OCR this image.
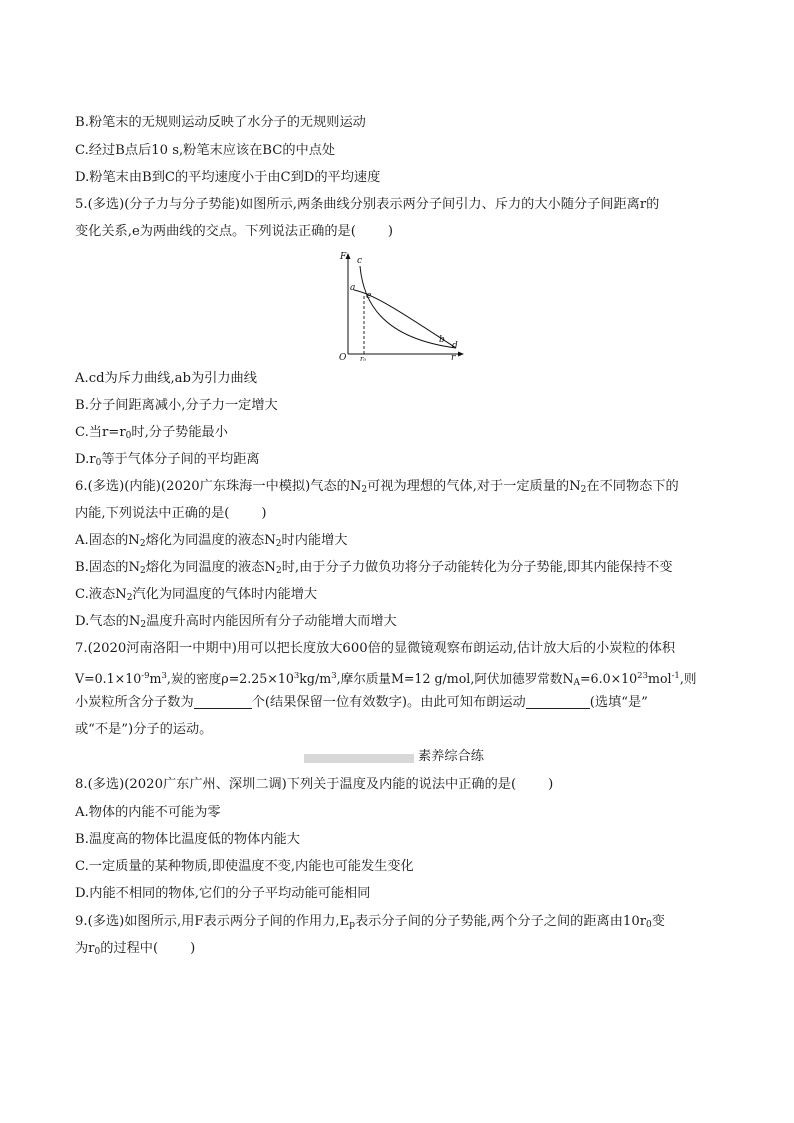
B.粉笔末的无规则运动反映了水分子的无规则运动
C.经过B点后10 s,粉笔末应该在BC的中点处
D.粉笔末由B到C的平均速度小于由C到D的平均速度
5.(多选)(分子力与分子势能)如图所示,两条曲线分别表示两分子间引力、斥力的大小随分子间距离r的
变化关系,e为两曲线的交点。下列说法正确的是( )
F c
a
e
b
d
O r₀	r
A.cd为斥力曲线,ab为引力曲线
B.分子间距离减小,分子力一定增大
C.当$r=r_0$时,分子势能最小
$D.r_0$等于气体分子间的平均距离
6.(多选)(内能)(2020广东珠海一中模拟)气态的$N_2$可视为理想的气体,对于一定质量的$N_2$在不同物态下的
内能,下列说法中正确的是( )
A.固态的$N_2$熔化为同温度的液态$N_2$时内能增大
B.固态的$N_2$熔化为同温度的液态$N_2$时,由于分子力做负功将分子动能转化为分子势能,即其内能保持不变
C.液态$N_2$汽化为同温度的气体时内能增大
D.气态的$N_2$温度升高时内能因所有分子动能增大而增大
7.(2020河南洛阳一中期中)用可以把长度放大600倍的显微镜观察布朗运动,估计放大后的小炭粒的体积
$V=0.1\times 10^{-9}m^3$,炭的密度$\rho=2.25\times 10^3kg/m^3$,摩尔质量M=12 g/mol,阿伏加德罗常数$N_A=6.0\times 10^{23}mol^{-1}$,则
小炭粒所含分子数为	个(结果保留一位有效数字)。由此可知布朗运动	(选填“是”
或“不是”)分子的运动。
素养综合练
8.(多选)(2020广东广州、深圳二调)下列关于温度及内能的说法中正确的是( )
A.物体的内能不可能为零
B.温度高的物体比温度低的物体内能大
C.一定质量的某种物质,即使温度不变,内能也可能发生变化
D.内能不相同的物体,它们的分子平均动能可能相同
9.(多选)如图所示,用F表示两分子间的作用力$,E_p$表示分子间的分子势能,两个分子之间的距离由$10r_0$变
为$r_0$的过程中( )
